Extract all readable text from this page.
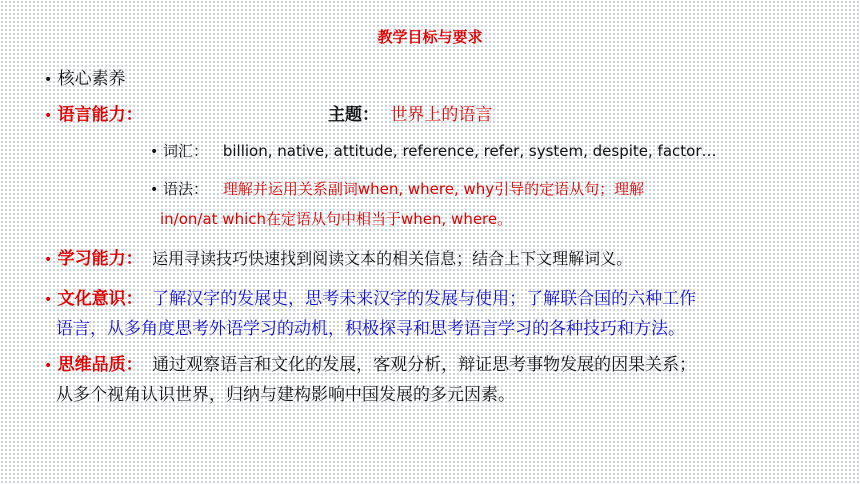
教学目标与要求
• 核心素养
• 语言能力：	主题： 世界上的语言
• 词汇： billion, native, attitude, reference, refer, system, despite, factor…
• 语法： 理解并运用关系副词when, where, why引导的定语从句；理解
in/on/at which在定语从句中相当于when, where。
• 学习能力： 运用寻读技巧快速找到阅读文本的相关信息；结合上下文理解词义。
• 文化意识： 了解汉字的发展史，思考未来汉字的发展与使用；了解联合国的六种工作
语言，从多角度思考外语学习的动机，积极探寻和思考语言学习的各种技巧和方法。
• 思维品质： 通过观察语言和文化的发展，客观分析，辩证思考事物发展的因果关系；
从多个视角认识世界，归纳与建构影响中国发展的多元因素。
